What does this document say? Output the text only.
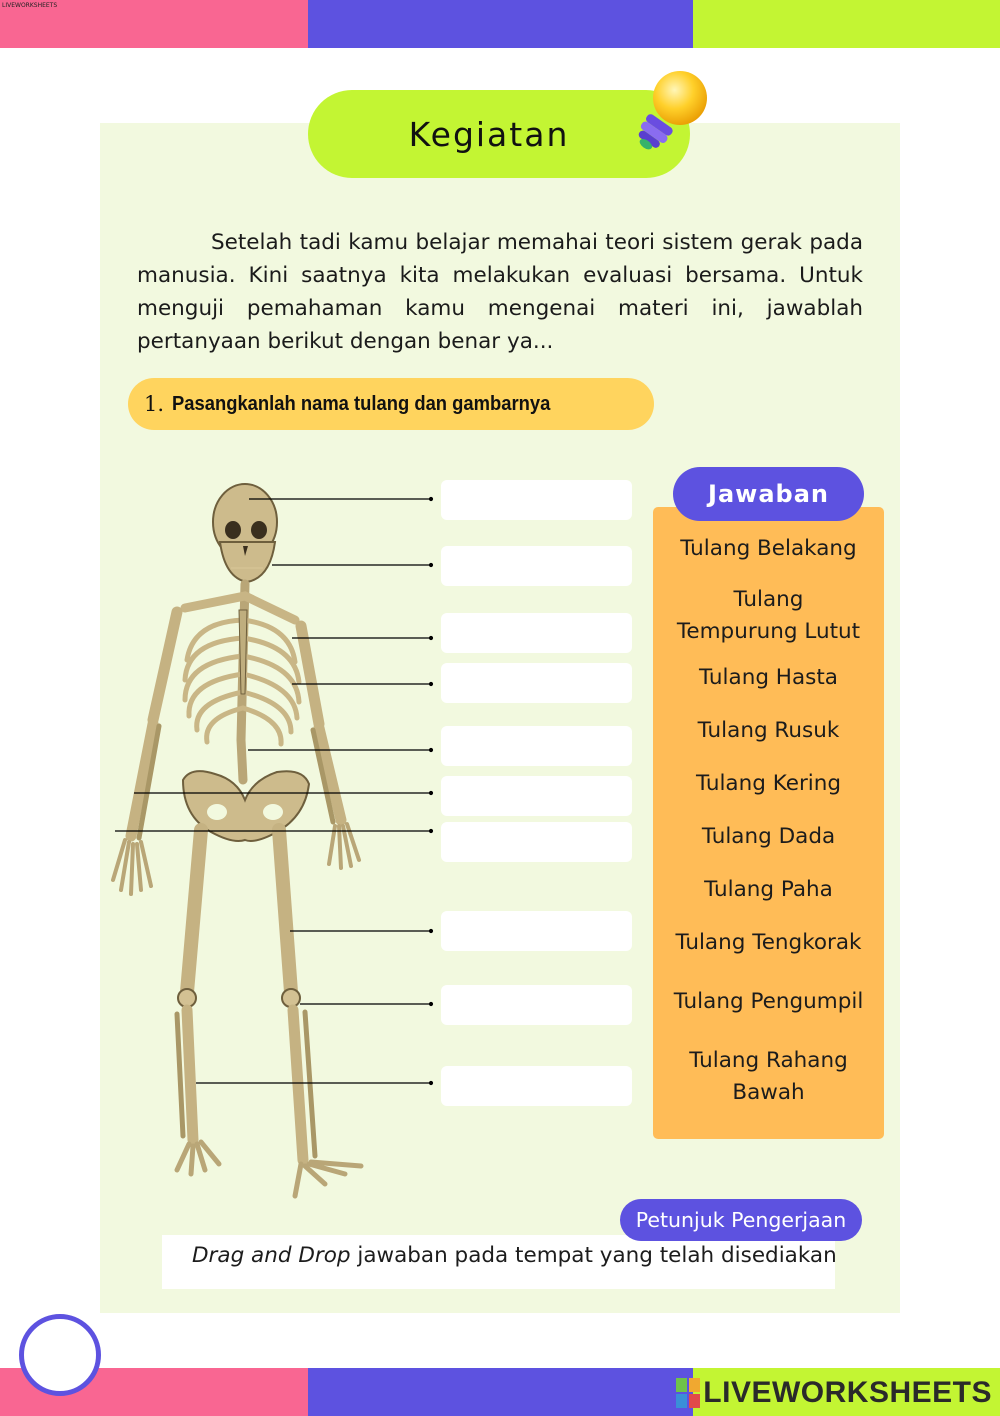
LIVEWORKSHEETS
Kegiatan
Setelah tadi kamu belajar memahai teori sistem gerak pada manusia. Kini saatnya kita melakukan evaluasi bersama. Untuk menguji pemahaman kamu mengenai materi ini, jawablah pertanyaan berikut dengan benar ya...
1. Pasangkanlah nama tulang dan gambarnya
Tulang Belakang
Tulang Tempurung Lutut
Tulang Hasta
Tulang Rusuk
Tulang Kering
Tulang Dada
Tulang Paha
Tulang Tengkorak
Tulang Pengumpil
Tulang Rahang Bawah
Jawaban
Drag and Drop jawaban pada tempat yang telah disediakan
Petunjuk Pengerjaan
LIVEWORKSHEETS
